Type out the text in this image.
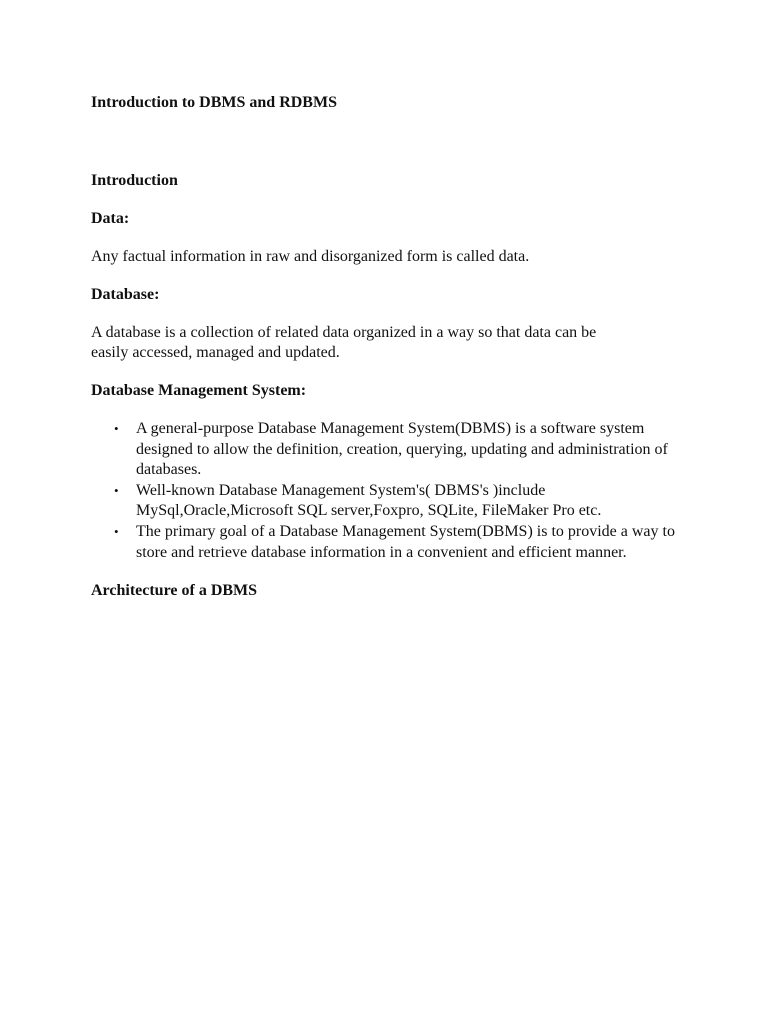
Introduction to DBMS and RDBMS
Introduction
Data:

Any factual information in raw and disorganized form is called data.

Database:

A database is a collection of related data organized in a way so that data can be easily accessed, managed and updated.

Database Management System:
• A general-purpose Database Management System(DBMS) is a software system designed to allow the definition, creation, querying, updating and administration of databases.
• Well-known Database Management System's( DBMS's )include MySql,Oracle,Microsoft SQL server,Foxpro, SQLite, FileMaker Pro etc.
• The primary goal of a Database Management System(DBMS) is to provide a way to store and retrieve database information in a convenient and efficient manner.
Architecture of a DBMS
